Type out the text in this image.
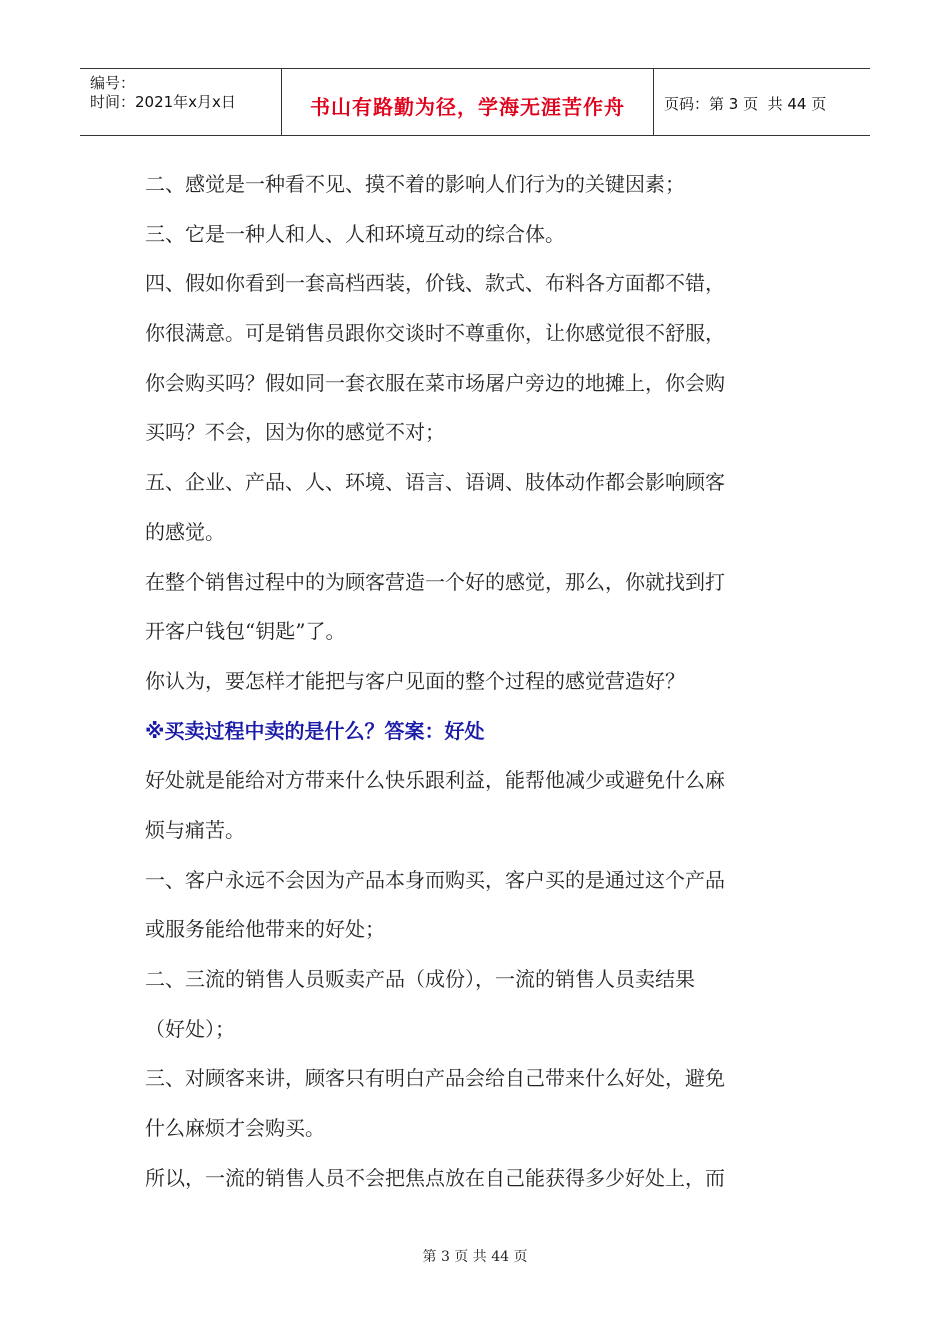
编号：
时间：2021年x月x日	书山有路勤为径，学海无涯苦作舟	页码：第 3 页  共 44 页
二、感觉是一种看不见、摸不着的影响人们行为的关键因素；
三、它是一种人和人、人和环境互动的综合体。
四、假如你看到一套高档西装，价钱、款式、布料各方面都不错，
你很满意。可是销售员跟你交谈时不尊重你，让你感觉很不舒服，
你会购买吗？假如同一套衣服在菜市场屠户旁边的地摊上，你会购
买吗？不会，因为你的感觉不对；
五、企业、产品、人、环境、语言、语调、肢体动作都会影响顾客
的感觉。
在整个销售过程中的为顾客营造一个好的感觉，那么，你就找到打
开客户钱包“钥匙”了。
你认为，要怎样才能把与客户见面的整个过程的感觉营造好？
※买卖过程中卖的是什么？答案：好处
好处就是能给对方带来什么快乐跟利益，能帮他减少或避免什么麻
烦与痛苦。
一、客户永远不会因为产品本身而购买，客户买的是通过这个产品
或服务能给他带来的好处；
二、三流的销售人员贩卖产品（成份），一流的销售人员卖结果
（好处）；
三、对顾客来讲，顾客只有明白产品会给自己带来什么好处，避免
什么麻烦才会购买。
所以，一流的销售人员不会把焦点放在自己能获得多少好处上，而
第 3 页 共 44 页
